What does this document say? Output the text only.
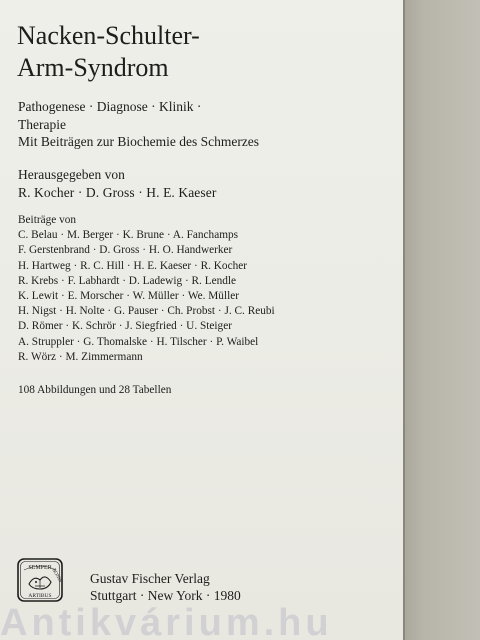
Nacken-Schulter-
Arm-Syndrom
Pathogenese · Diagnose · Klinik ·
Therapie
Mit Beiträgen zur Biochemie des Schmerzes
Herausgegeben von
R. Kocher · D. Gross · H. E. Kaeser
Beiträge von
C. Belau · M. Berger · K. Brune · A. Fanchamps
F. Gerstenbrand · D. Gross · H. O. Handwerker
H. Hartweg · R. C. Hill · H. E. Kaeser · R. Kocher
R. Krebs · F. Labhardt · D. Ladewig · R. Lendle
K. Lewit · E. Morscher · W. Müller · We. Müller
H. Nigst · H. Nolte · G. Pauser · Ch. Probst · J. C. Reubi
D. Römer · K. Schrör · J. Siegfried · U. Steiger
A. Struppler · G. Thomalske · H. Tilscher · P. Waibel
R. Wörz · M. Zimmermann
108 Abbildungen und 28 Tabellen
SEMPER
BONIS
ARTIBUS
Gustav Fischer Verlag
Stuttgart · New York · 1980
Antikvárium.hu
